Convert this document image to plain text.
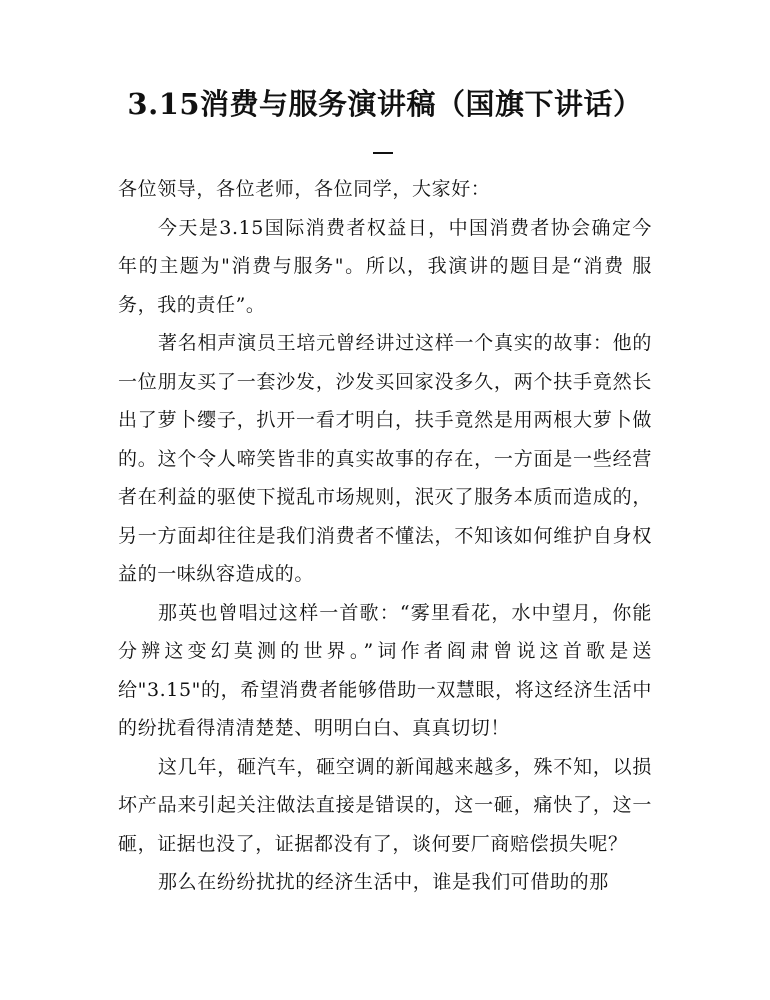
3.15消费与服务演讲稿（国旗下讲话）

各位领导，各位老师，各位同学，大家好：

今天是3.15国际消费者权益日，中国消费者协会确定今年的主题为"消费与服务"。所以，我演讲的题目是“消费 服务，我的责任”。

著名相声演员王培元曾经讲过这样一个真实的故事：他的一位朋友买了一套沙发，沙发买回家没多久，两个扶手竟然长出了萝卜缨子，扒开一看才明白，扶手竟然是用两根大萝卜做的。这个令人啼笑皆非的真实故事的存在，一方面是一些经营者在利益的驱使下搅乱市场规则，泯灭了服务本质而造成的，另一方面却往往是我们消费者不懂法，不知该如何维护自身权益的一味纵容造成的。

那英也曾唱过这样一首歌：“雾里看花，水中望月，你能分辨这变幻莫测的世界。”词作者阎肃曾说这首歌是送给"3.15"的，希望消费者能够借助一双慧眼，将这经济生活中的纷扰看得清清楚楚、明明白白、真真切切！

这几年，砸汽车，砸空调的新闻越来越多，殊不知，以损坏产品来引起关注做法直接是错误的，这一砸，痛快了，这一砸，证据也没了，证据都没有了，谈何要厂商赔偿损失呢？

那么在纷纷扰扰的经济生活中，谁是我们可借助的那
